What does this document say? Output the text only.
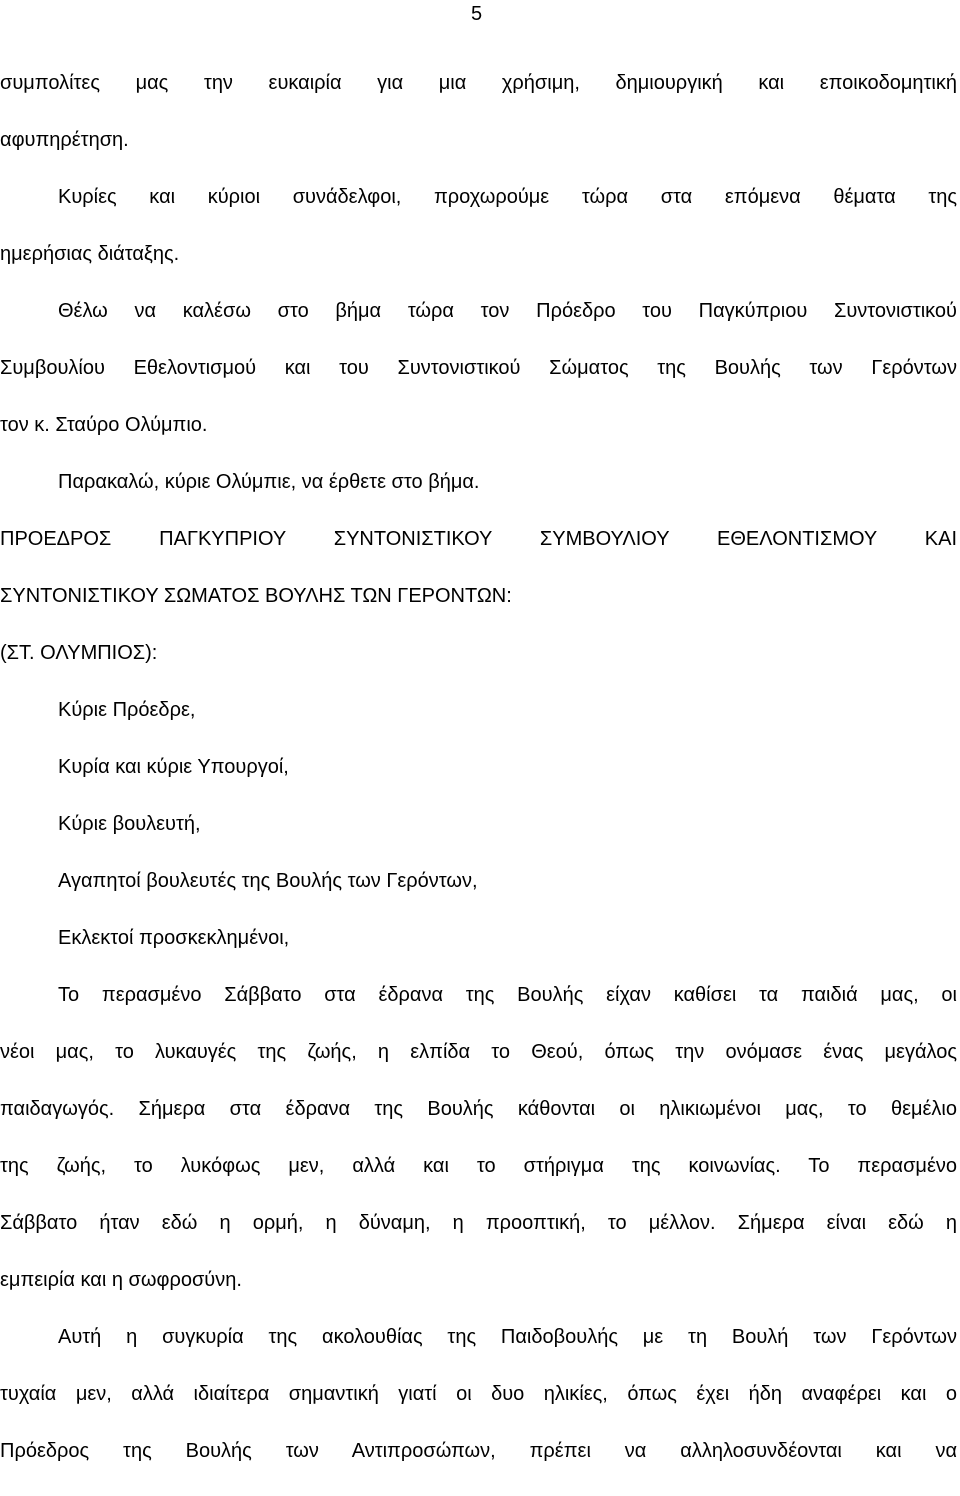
5
συμπολίτες μας την ευκαιρία για μια χρήσιμη, δημιουργική και εποικοδομητική
αφυπηρέτηση.
Κυρίες και κύριοι συνάδελφοι, προχωρούμε τώρα στα επόμενα θέματα της
ημερήσιας διάταξης.
Θέλω να καλέσω στο βήμα τώρα τον Πρόεδρο του Παγκύπριου Συντονιστικού
Συμβουλίου Εθελοντισμού και του Συντονιστικού Σώματος της Βουλής των Γερόντων
τον κ. Σταύρο Ολύμπιο.
Παρακαλώ, κύριε Ολύμπιε, να έρθετε στο βήμα.
ΠΡΟΕΔΡΟΣ ΠΑΓΚΥΠΡΙΟΥ ΣΥΝΤΟΝΙΣΤΙΚΟΥ ΣΥΜΒΟΥΛΙΟΥ ΕΘΕΛΟΝΤΙΣΜΟΥ ΚΑΙ
ΣΥΝΤΟΝΙΣΤΙΚΟΥ ΣΩΜΑΤΟΣ ΒΟΥΛΗΣ ΤΩΝ ΓΕΡΟΝΤΩΝ:
(ΣΤ. ΟΛΥΜΠΙΟΣ):
Κύριε Πρόεδρε,
Κυρία και κύριε Υπουργοί,
Κύριε βουλευτή,
Αγαπητοί βουλευτές της Βουλής των Γερόντων,
Εκλεκτοί προσκεκλημένοι,
Το περασμένο Σάββατο στα έδρανα της Βουλής είχαν καθίσει τα παιδιά μας, οι
νέοι μας, το λυκαυγές της ζωής, η ελπίδα το Θεού, όπως την ονόμασε ένας μεγάλος
παιδαγωγός. Σήμερα στα έδρανα της Βουλής κάθονται οι ηλικιωμένοι μας, το θεμέλιο
της ζωής, το λυκόφως μεν, αλλά και το στήριγμα της κοινωνίας. Το περασμένο
Σάββατο ήταν εδώ η ορμή, η δύναμη, η προοπτική, το μέλλον. Σήμερα είναι εδώ η
εμπειρία και η σωφροσύνη.
Αυτή η συγκυρία της ακολουθίας της Παιδοβουλής με τη Βουλή των Γερόντων
τυχαία μεν, αλλά ιδιαίτερα σημαντική γιατί οι δυο ηλικίες, όπως έχει ήδη αναφέρει και ο
Πρόεδρος της Βουλής των Αντιπροσώπων, πρέπει να αλληλοσυνδέονται και να
